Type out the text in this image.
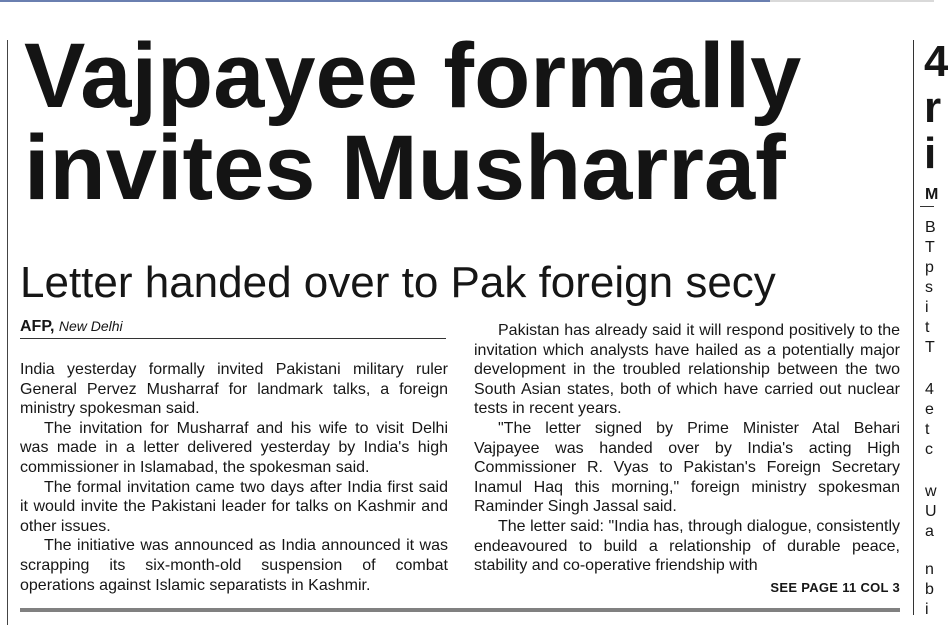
Vajpayee formally invites Musharraf
Letter handed over to Pak foreign secy
AFP, New Delhi

India yesterday formally invited Pakistani military ruler General Pervez Musharraf for landmark talks, a foreign ministry spokesman said.

The invitation for Musharraf and his wife to visit Delhi was made in a letter delivered yesterday by India's high commissioner in Islamabad, the spokesman said.

The formal invitation came two days after India first said it would invite the Pakistani leader for talks on Kashmir and other issues.

The initiative was announced as India announced it was scrapping its six-month-old suspension of combat operations against Islamic separatists in Kashmir.

Pakistan has already said it will respond positively to the invitation which analysts have hailed as a potentially major development in the troubled relationship between the two South Asian states, both of which have carried out nuclear tests in recent years.

"The letter signed by Prime Minister Atal Behari Vajpayee was handed over by India's acting High Commissioner R. Vyas to Pakistan's Foreign Secretary Inamul Haq this morning," foreign ministry spokesman Raminder Singh Jassal said.

The letter said: "India has, through dialogue, consistently endeavoured to build a relationship of durable peace, stability and co-operative friendship with

SEE PAGE 11 COL 3
4
r
i
M
B
T
p
s
i
t
T
4
e
t
c
w
U
a
n
b
i
